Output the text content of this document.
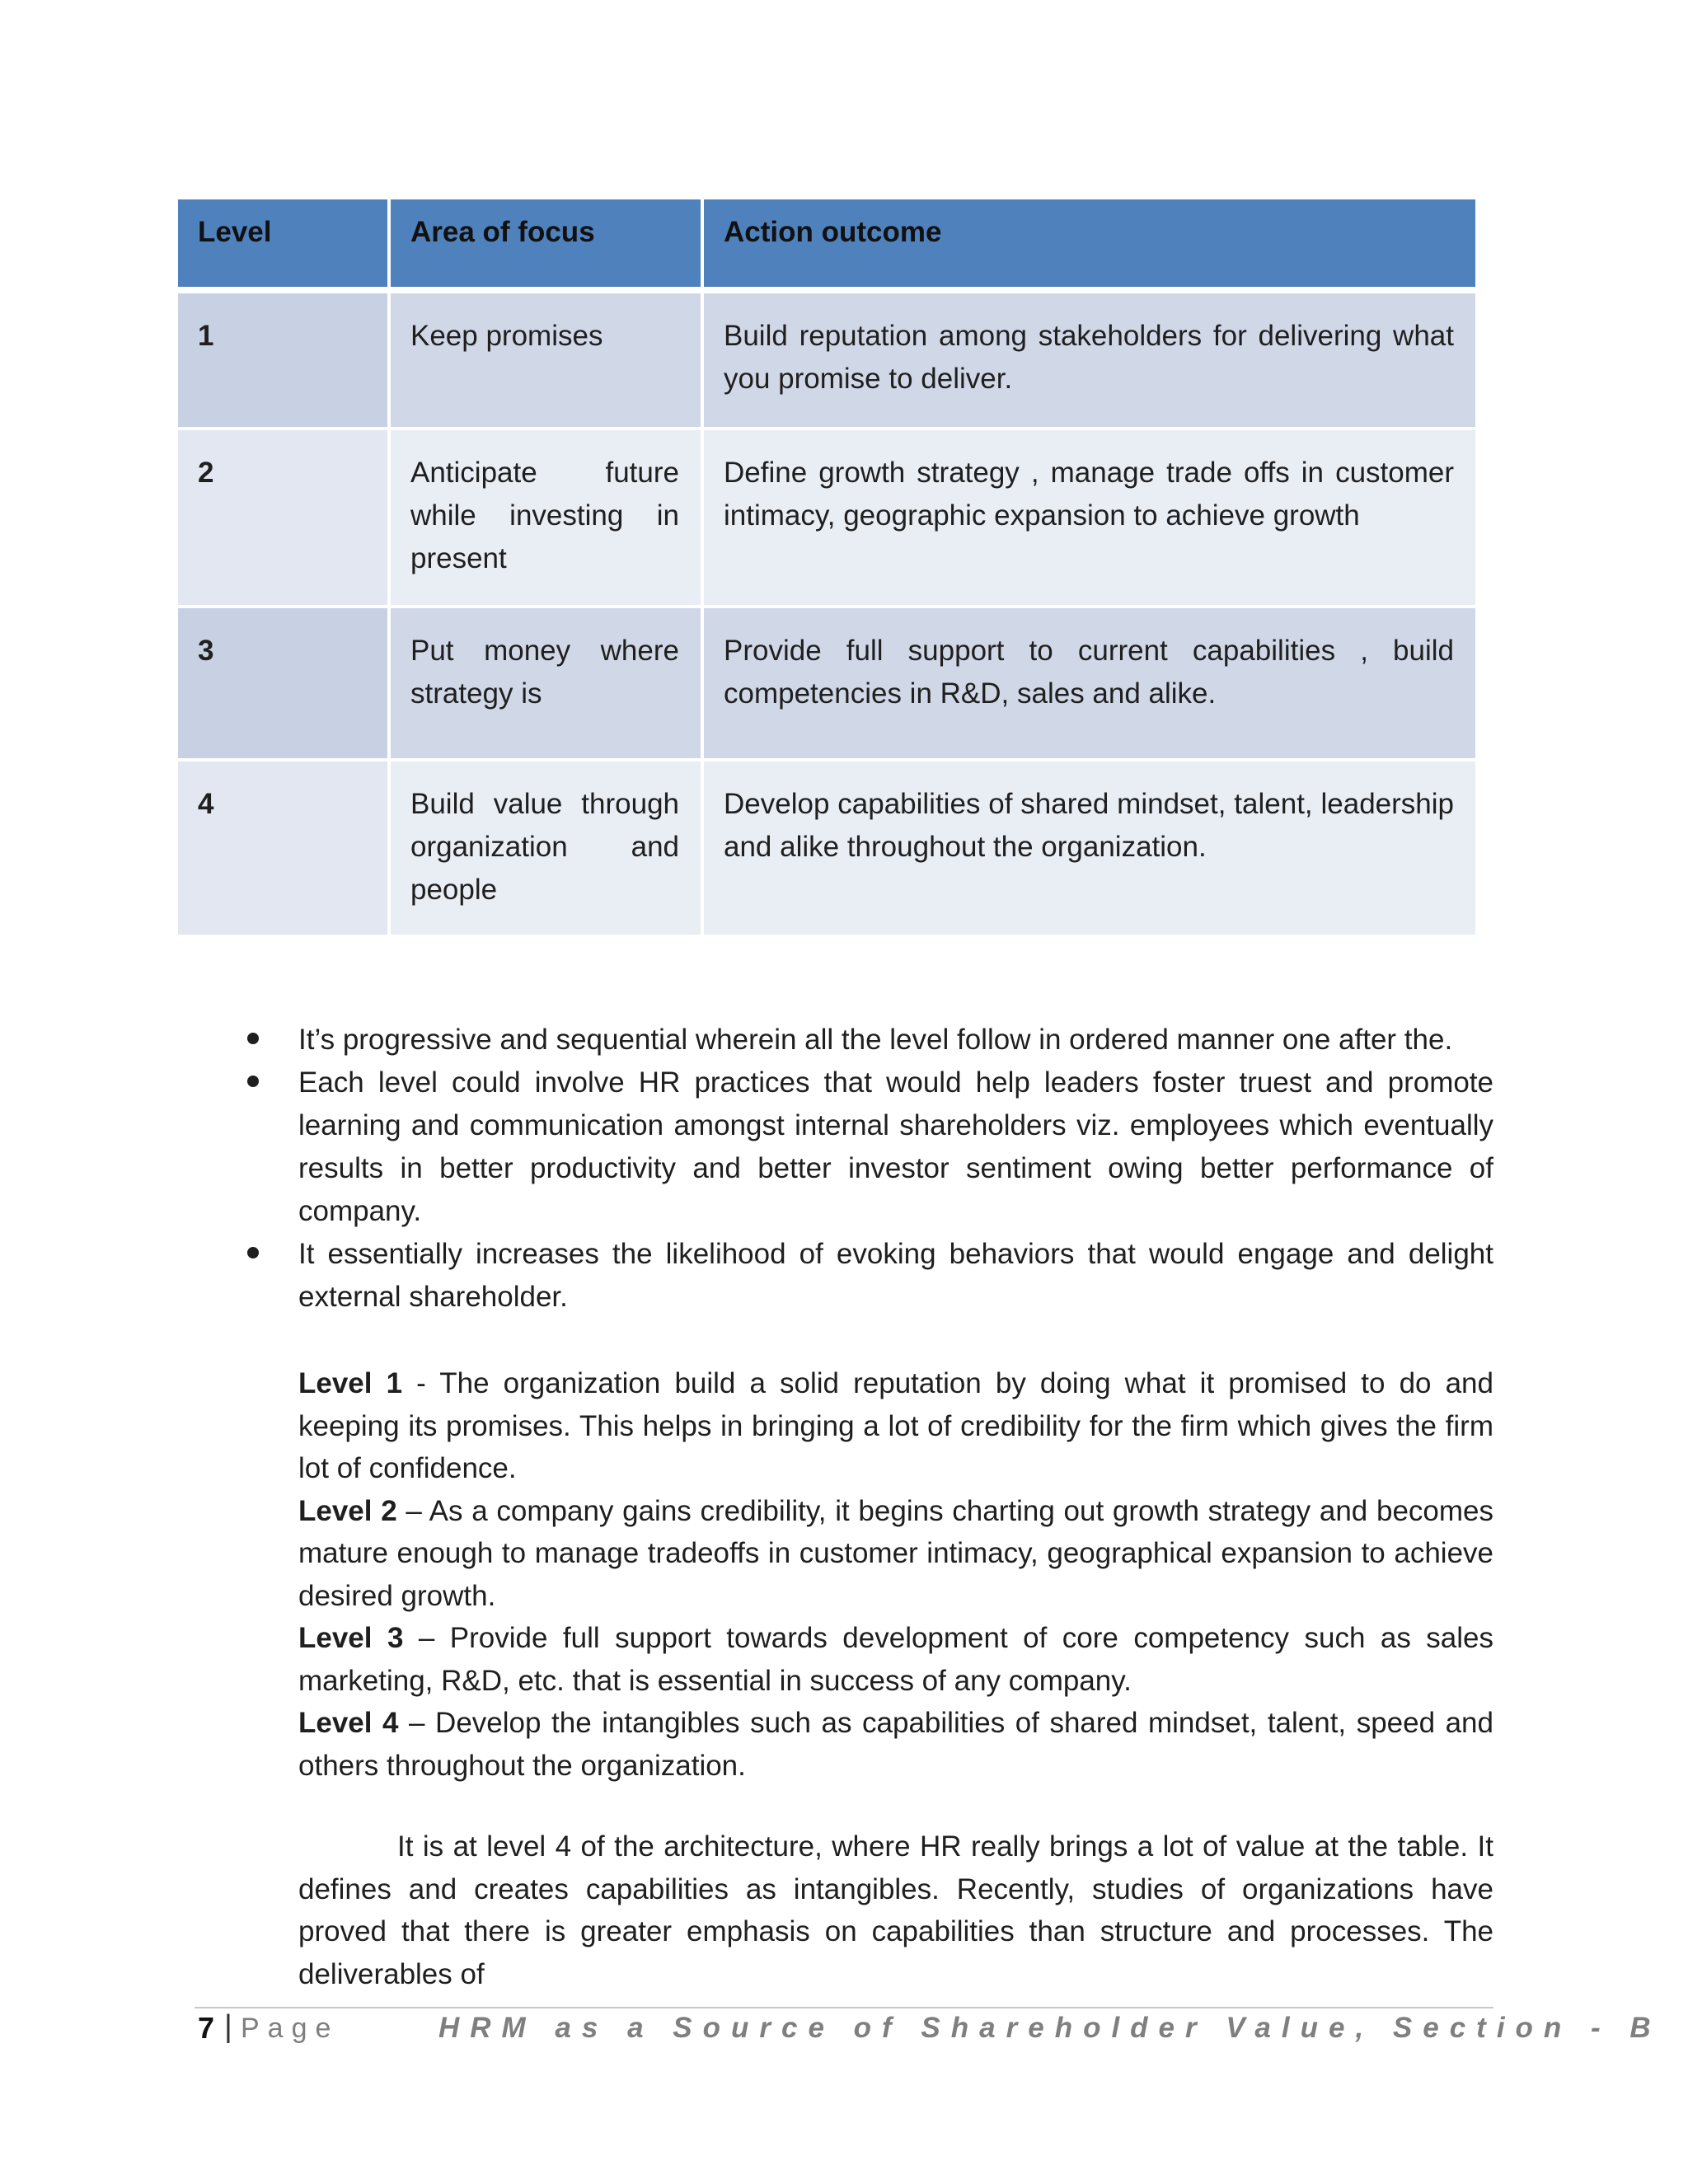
Level	Area of focus	Action outcome
1	Keep promises	Build reputation among stakeholders for delivering what you promise to deliver.
2	Anticipate future while investing in present	Define growth strategy , manage trade offs in customer intimacy, geographic expansion to achieve growth
3	Put money where strategy is	Provide full support to current capabilities , build competencies in R&D, sales and alike.
4	Build value through organization and people	Develop capabilities of shared mindset, talent, leadership and alike throughout the organization.
It’s progressive and sequential wherein all the level follow in ordered manner one after the.
Each level could involve HR practices that would help leaders foster truest and promote learning and communication amongst internal shareholders viz. employees which eventually results in better productivity and better investor sentiment owing better performance of company.
It essentially increases the likelihood of evoking behaviors that would engage and delight external shareholder.

Level 1 - The organization build a solid reputation by doing what it promised to do and keeping its promises. This helps in bringing a lot of credibility for the firm which gives the firm lot of confidence.

Level 2 – As a company gains credibility, it begins charting out growth strategy and becomes mature enough to manage tradeoffs in customer intimacy, geographical expansion to achieve desired growth.

Level 3 – Provide full support towards development of core competency such as sales marketing, R&D, etc. that is essential in success of any company.

Level 4 – Develop the intangibles such as capabilities of shared mindset, talent, speed and others throughout the organization.

It is at level 4 of the architecture, where HR really brings a lot of value at the table. It defines and creates capabilities as intangibles. Recently, studies of organizations have proved that there is greater emphasis on capabilities than structure and processes. The deliverables of

7 | Page	HRM as a Source of Shareholder Value, Section - B
